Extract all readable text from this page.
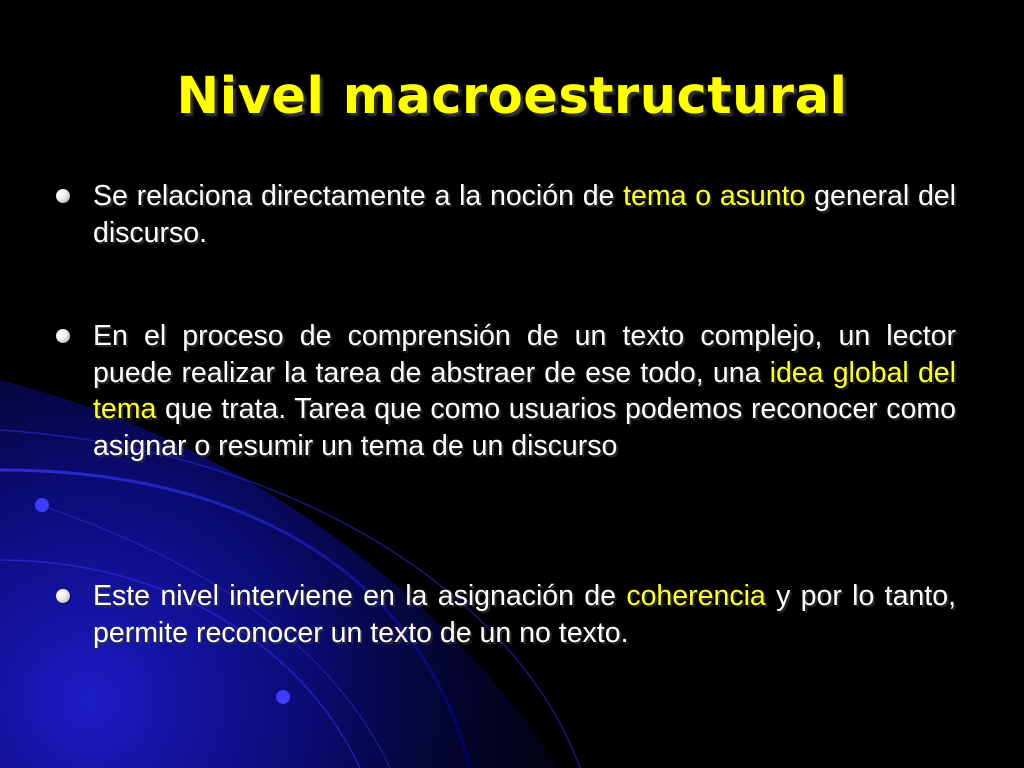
Nivel macroestructural
Se relaciona directamente a la noción de tema o asunto general del discurso.
En el proceso de comprensión de un texto complejo, un lector puede realizar la tarea de abstraer de ese todo, una idea global del tema que trata. Tarea que como usuarios podemos reconocer como asignar o resumir un tema de un discurso
Este nivel interviene en la asignación de coherencia y por lo tanto, permite reconocer un texto de un no texto.
